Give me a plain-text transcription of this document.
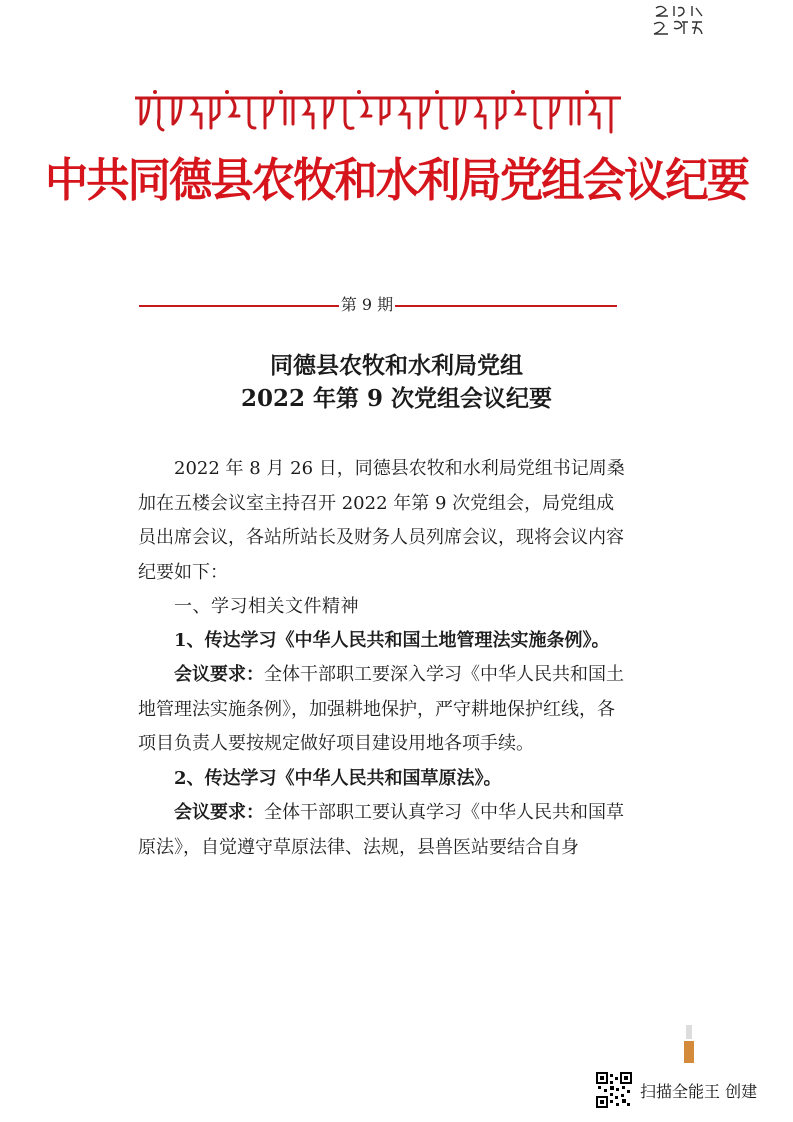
中共同德县农牧和水利局党组会议纪要
第 9 期
同德县农牧和水利局党组
2022 年第 9 次党组会议纪要

2022 年 8 月 26 日，同德县农牧和水利局党组书记周桑加在五楼会议室主持召开 2022 年第 9 次党组会，局党组成员出席会议，各站所站长及财务人员列席会议，现将会议内容纪要如下：

一、学习相关文件精神

1、传达学习《中华人民共和国土地管理法实施条例》。

会议要求：全体干部职工要深入学习《中华人民共和国土地管理法实施条例》，加强耕地保护，严守耕地保护红线，各项目负责人要按规定做好项目建设用地各项手续。

2、传达学习《中华人民共和国草原法》。

会议要求：全体干部职工要认真学习《中华人民共和国草原法》，自觉遵守草原法律、法规，县兽医站要结合自身

扫描全能王 创建
